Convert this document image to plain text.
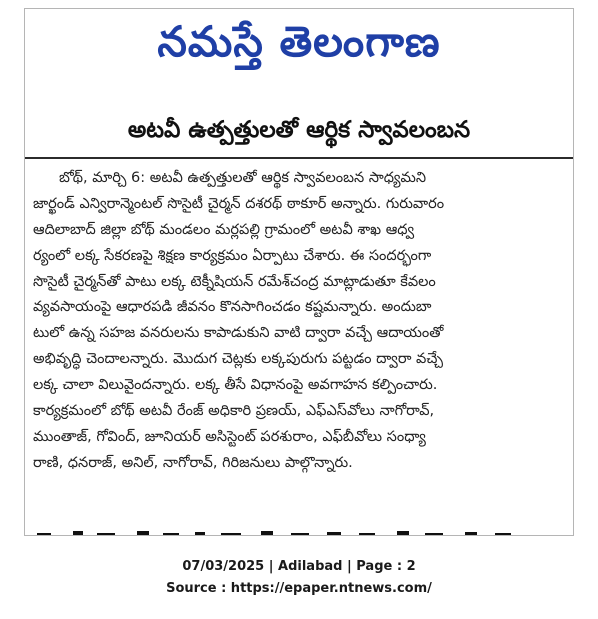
నమస్తే తెలంగాణ
అటవీ ఉత్పత్తులతో ఆర్థిక స్వావలంబన
బోథ్‌, మార్చి 6: అటవీ ఉత్పత్తులతో ఆర్థిక స్వావలంబన సాధ్యమని
జార్ఖండ్‌ ఎన్విరాన్మెంటల్‌ సొసైటీ చైర్మన్‌ దశరథ్‌ ఠాకూర్‌ అన్నారు. గురువారం
ఆదిలాబాద్‌ జిల్లా బోథ్‌ మండలం మర్లపల్లి గ్రామంలో అటవీ శాఖ ఆధ్వ
ర్యంలో లక్క సేకరణపై శిక్షణ కార్యక్రమం ఏర్పాటు చేశారు. ఈ సందర్భంగా
సొసైటీ చైర్మన్‌తో పాటు లక్క టెక్నీషియన్‌ రమేశ్‌చంద్ర మాట్లాడుతూ కేవలం
వ్యవసాయంపై ఆధారపడి జీవనం కొనసాగించడం కష్టమన్నారు. అందుబా
టులో ఉన్న సహజ వనరులను కాపాడుకుని వాటి ద్వారా వచ్చే ఆదాయంతో
అభివృద్ధి చెందాలన్నారు. మొదుగ చెట్లకు లక్కపురుగు పట్టడం ద్వారా వచ్చే
లక్క చాలా విలువైందన్నారు. లక్క తీసే విధానంపై అవగాహన కల్పించారు.
కార్యక్రమంలో బోథ్‌ అటవీ రేంజ్‌ అధికారి ప్రణయ్‌, ఎఫ్‌ఎస్‌వోలు నాగోరావ్‌,
ముంతాజ్‌, గోవింద్‌, జూనియర్‌ అసిస్టెంట్‌ పరశురాం, ఎఫ్‌బీవోలు సంధ్యా
రాణి, ధనరాజ్‌, అనిల్‌, నాగోరావ్‌, గిరిజనులు పాల్గొన్నారు.
07/03/2025 | Adilabad | Page : 2
Source : https://epaper.ntnews.com/
